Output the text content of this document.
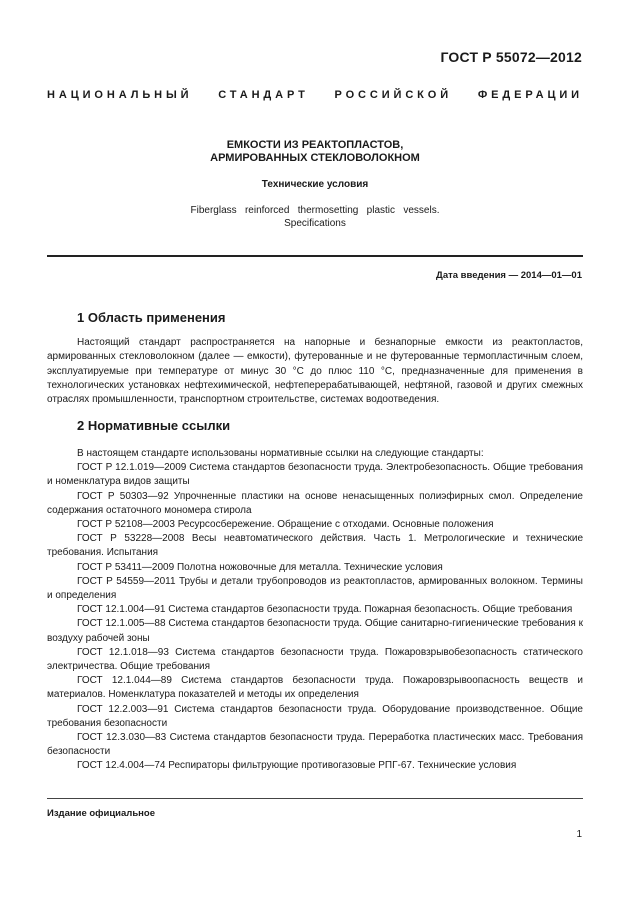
ГОСТ Р 55072—2012
НАЦИОНАЛЬНЫЙ СТАНДАРТ РОССИЙСКОЙ ФЕДЕРАЦИИ
ЕМКОСТИ ИЗ РЕАКТОПЛАСТОВ,
АРМИРОВАННЫХ СТЕКЛОВОЛОКНОМ
Технические условия
Fiberglass   reinforced   thermosetting   plastic   vessels.
Specifications
Дата введения — 2014—01—01
1 Область применения

Настоящий стандарт распространяется на напорные и безнапорные емкости из реактопластов, армированных стекловолокном (далее — емкости), футерованные и не футерованные термопластичным слоем, эксплуатируемые при температуре от минус 30 °С до плюс 110 °С, предназначенные для применения в технологических установках нефтехимической, нефтеперерабатывающей, нефтяной, газовой и других смежных отраслях промышленности, транспортном строительстве, системах водоотведения.

2 Нормативные ссылки

В настоящем стандарте использованы нормативные ссылки на следующие стандарты:

ГОСТ Р 12.1.019—2009 Система стандартов безопасности труда. Электробезопасность. Общие требования и номенклатура видов защиты

ГОСТ Р 50303—92 Упрочненные пластики на основе ненасыщенных полиэфирных смол. Определение содержания остаточного мономера стирола

ГОСТ Р 52108—2003 Ресурсосбережение. Обращение с отходами. Основные положения

ГОСТ Р 53228—2008 Весы неавтоматического действия. Часть 1. Метрологические и технические требования. Испытания

ГОСТ Р 53411—2009 Полотна ножовочные для металла. Технические условия

ГОСТ Р 54559—2011 Трубы и детали трубопроводов из реактопластов, армированных волокном. Термины и определения

ГОСТ 12.1.004—91 Система стандартов безопасности труда. Пожарная безопасность. Общие требования

ГОСТ 12.1.005—88 Система стандартов безопасности труда. Общие санитарно-гигиенические требования к воздуху рабочей зоны

ГОСТ 12.1.018—93 Система стандартов безопасности труда. Пожаровзрывобезопасность статического электричества. Общие требования

ГОСТ 12.1.044—89 Система стандартов безопасности труда. Пожаровзрывоопасность веществ и материалов. Номенклатура показателей и методы их определения

ГОСТ 12.2.003—91 Система стандартов безопасности труда. Оборудование производственное. Общие требования безопасности

ГОСТ 12.3.030—83 Система стандартов безопасности труда. Переработка пластических масс. Требования безопасности

ГОСТ 12.4.004—74 Респираторы фильтрующие противогазовые РПГ-67. Технические условия

Издание официальное
1
